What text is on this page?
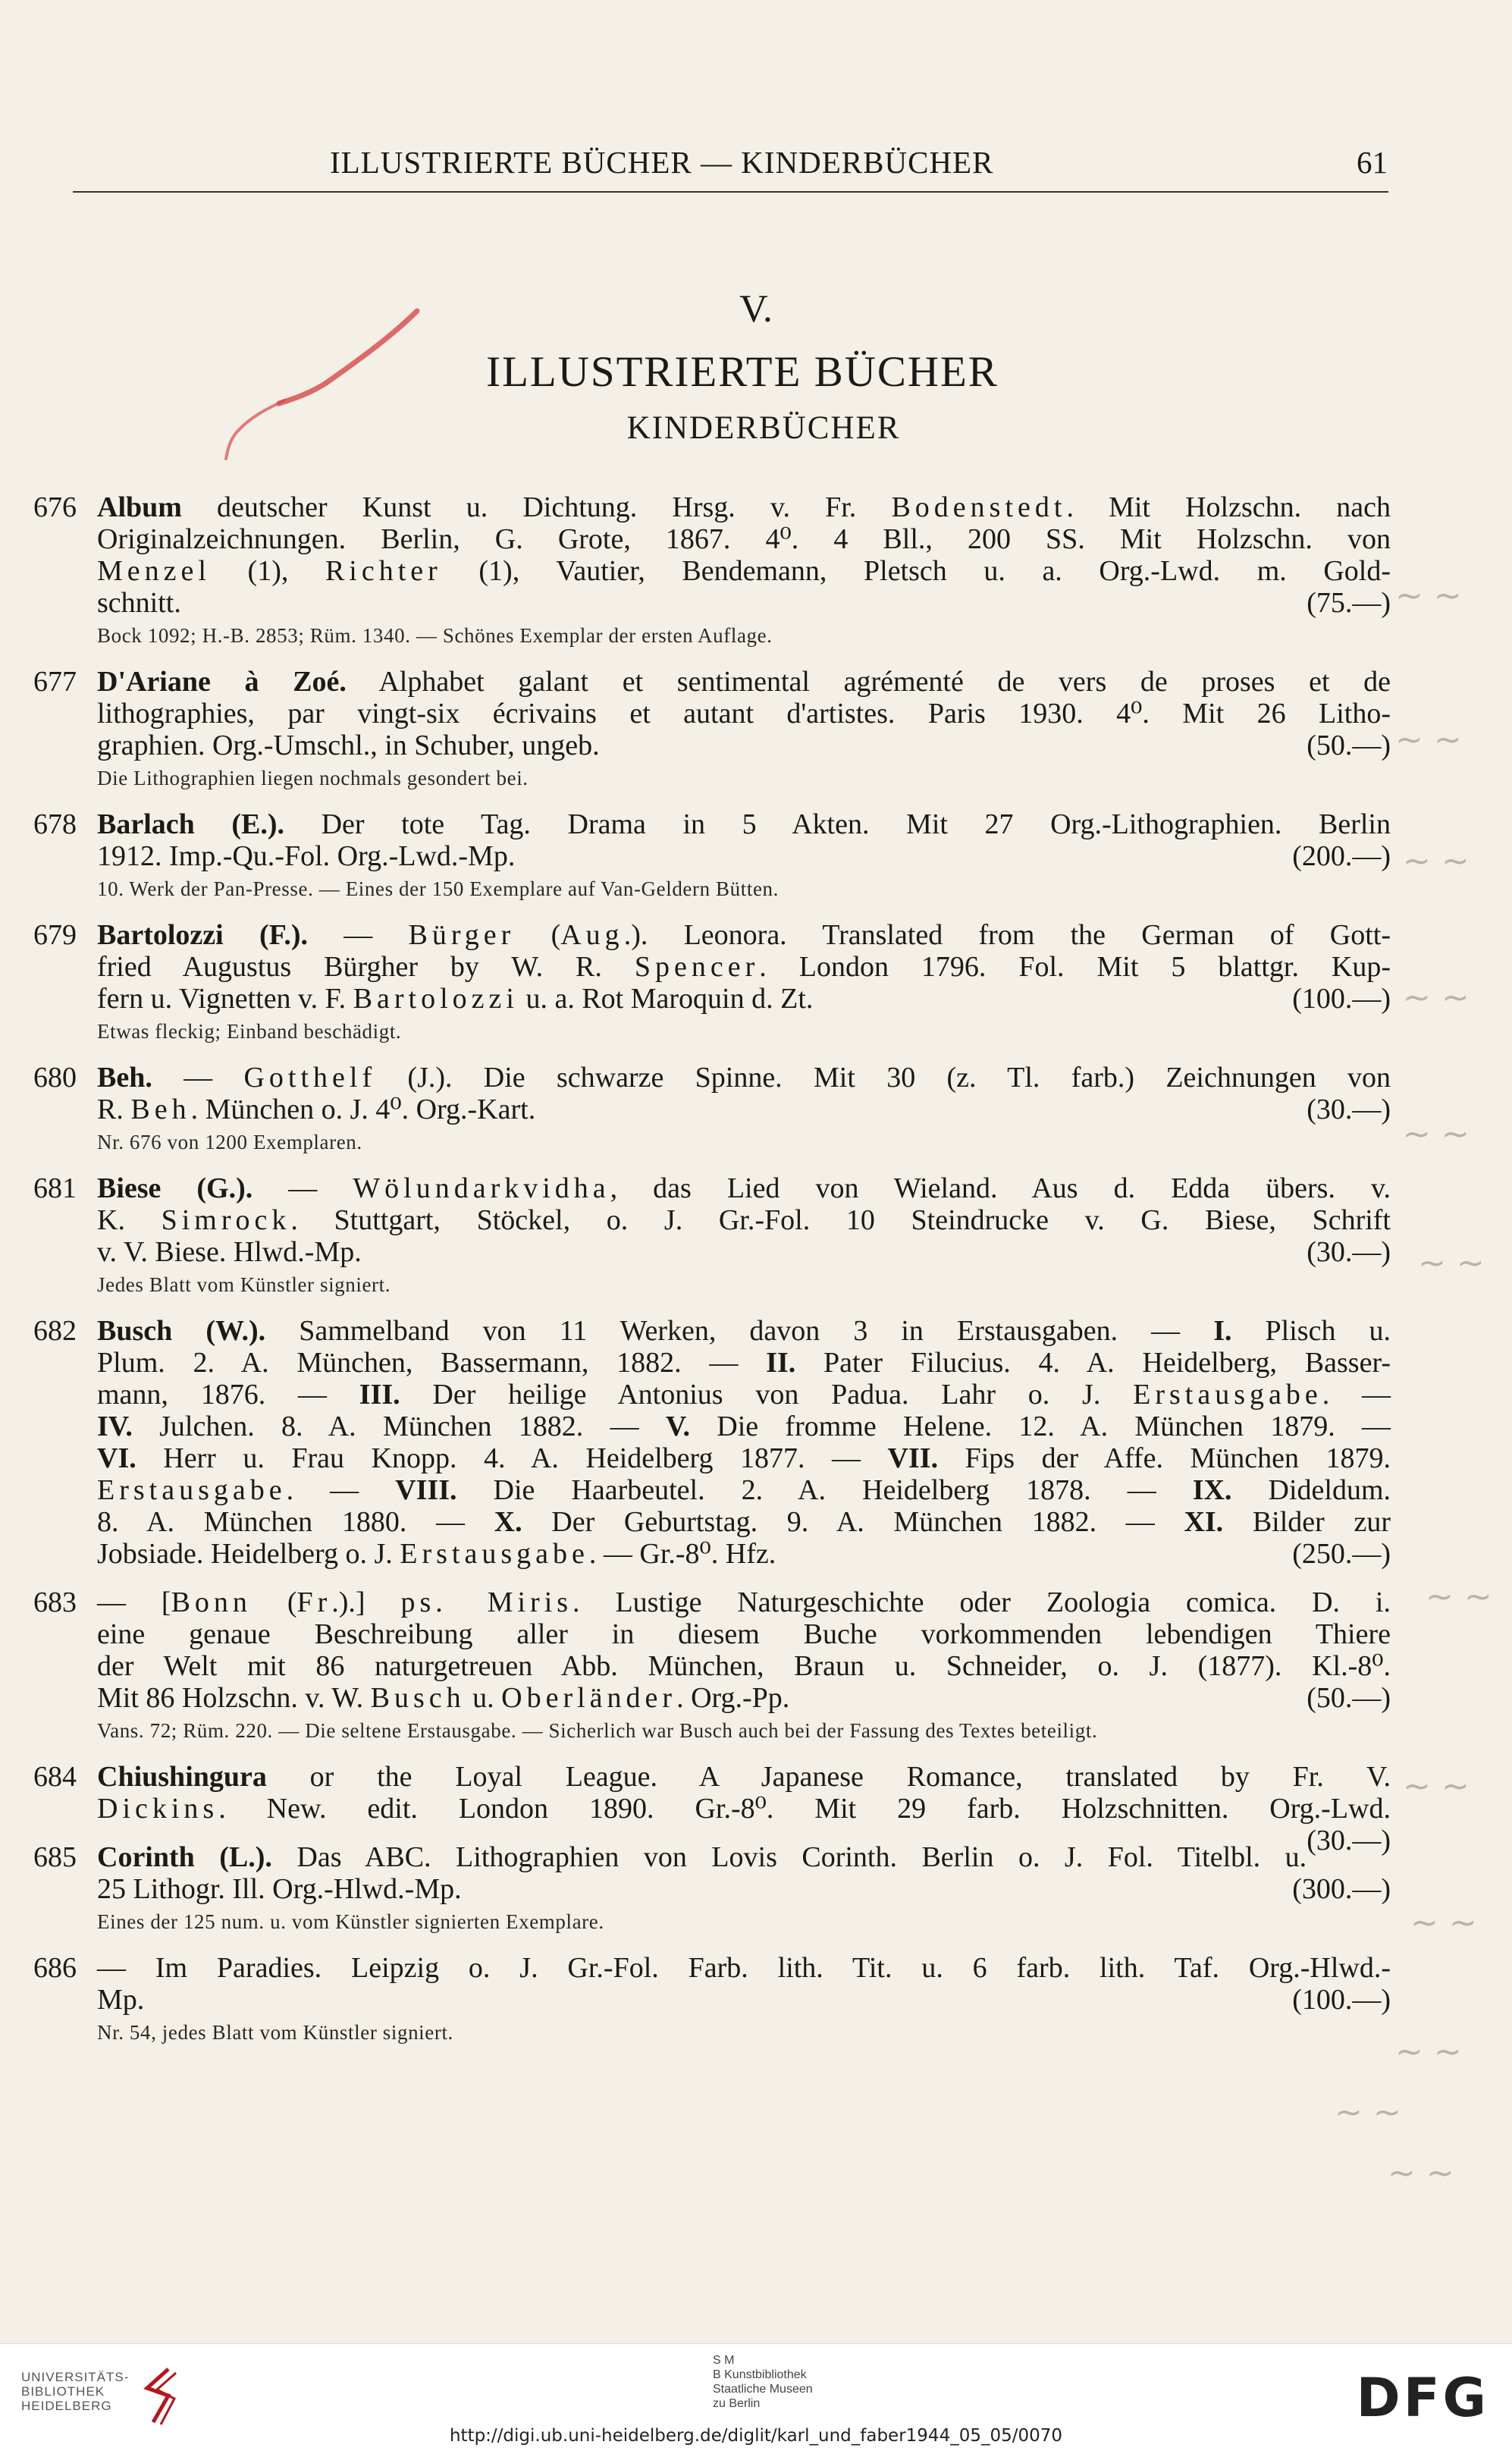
ILLUSTRIERTE BÜCHER — KINDERBÜCHER	61
V.
ILLUSTRIERTE BÜCHER
KINDERBÜCHER
676 Album deutscher Kunst u. Dichtung. Hrsg. v. Fr. Bodenstedt. Mit Holzschn. nach
Originalzeichnungen. Berlin, G. Grote, 1867. 4⁰. 4 Bll., 200 SS. Mit Holzschn. von
Menzel (1), Richter (1), Vautier, Bendemann, Pletsch u. a. Org.-Lwd. m. Gold-
schnitt.	(75.—)
Bock 1092; H.-B. 2853; Rüm. 1340. — Schönes Exemplar der ersten Auflage.
677 D'Ariane à Zoé. Alphabet galant et sentimental agrémenté de vers de proses et de
lithographies, par vingt-six écrivains et autant d'artistes. Paris 1930. 4⁰. Mit 26 Litho-
graphien. Org.-Umschl., in Schuber, ungeb.	(50.—)
Die Lithographien liegen nochmals gesondert bei.
678 Barlach (E.). Der tote Tag. Drama in 5 Akten. Mit 27 Org.-Lithographien. Berlin
1912. Imp.-Qu.-Fol. Org.-Lwd.-Mp.	(200.—)
10. Werk der Pan-Presse. — Eines der 150 Exemplare auf Van-Geldern Bütten.
679 Bartolozzi (F.). — Bürger (Aug.). Leonora. Translated from the German of Gott-
fried Augustus Bürgher by W. R. Spencer. London 1796. Fol. Mit 5 blattgr. Kup-
fern u. Vignetten v. F. Bartolozzi u. a. Rot Maroquin d. Zt.	(100.—)
Etwas fleckig; Einband beschädigt.
680 Beh. — Gotthelf (J.). Die schwarze Spinne. Mit 30 (z. Tl. farb.) Zeichnungen von
R. Beh. München o. J. 4⁰. Org.-Kart.	(30.—)
Nr. 676 von 1200 Exemplaren.
681 Biese (G.). — Wölundarkvidha, das Lied von Wieland. Aus d. Edda übers. v.
K. Simrock. Stuttgart, Stöckel, o. J. Gr.-Fol. 10 Steindrucke v. G. Biese, Schrift
v. V. Biese. Hlwd.-Mp.	(30.—)
Jedes Blatt vom Künstler signiert.
682 Busch (W.). Sammelband von 11 Werken, davon 3 in Erstausgaben. — I. Plisch u.
Plum. 2. A. München, Bassermann, 1882. — II. Pater Filucius. 4. A. Heidelberg, Basser-
mann, 1876. — III. Der heilige Antonius von Padua. Lahr o. J. Erstausgabe. —
IV. Julchen. 8. A. München 1882. — V. Die fromme Helene. 12. A. München 1879. —
VI. Herr u. Frau Knopp. 4. A. Heidelberg 1877. — VII. Fips der Affe. München 1879.
Erstausgabe. — VIII. Die Haarbeutel. 2. A. Heidelberg 1878. — IX. Dideldum.
8. A. München 1880. — X. Der Geburtstag. 9. A. München 1882. — XI. Bilder zur
Jobsiade. Heidelberg o. J. Erstausgabe. — Gr.-8⁰. Hfz.	(250.—)
683 — [Bonn (Fr.).] ps. Miris. Lustige Naturgeschichte oder Zoologia comica. D. i.
eine genaue Beschreibung aller in diesem Buche vorkommenden lebendigen Thiere
der Welt mit 86 naturgetreuen Abb. München, Braun u. Schneider, o. J. (1877). Kl.-8⁰.
Mit 86 Holzschn. v. W. Busch u. Oberländer. Org.-Pp.	(50.—)
Vans. 72; Rüm. 220. — Die seltene Erstausgabe. — Sicherlich war Busch auch bei der Fassung des Textes beteiligt.
684 Chiushingura or the Loyal League. A Japanese Romance, translated by Fr. V.
Dickins. New. edit. London 1890. Gr.-8⁰. Mit 29 farb. Holzschnitten. Org.-Lwd.
(30.—)
685 Corinth (L.). Das ABC. Lithographien von Lovis Corinth. Berlin o. J. Fol. Titelbl. u.
25 Lithogr. Ill. Org.-Hlwd.-Mp.	(300.—)
Eines der 125 num. u. vom Künstler signierten Exemplare.
686 — Im Paradies. Leipzig o. J. Gr.-Fol. Farb. lith. Tit. u. 6 farb. lith. Taf. Org.-Hlwd.-
Mp.	(100.—)
Nr. 54, jedes Blatt vom Künstler signiert.
~ ~
~ ~
~ ~
~ ~
~ ~
~ ~
~ ~
~ ~
~ ~
~ ~
~ ~
~ ~
UNIVERSITÄTS-
BIBLIOTHEK
HEIDELBERG
S M
B Kunstbibliothek
Staatliche Museen
zu Berlin	DFG
http://digi.ub.uni-heidelberg.de/diglit/karl_und_faber1944_05_05/0070
